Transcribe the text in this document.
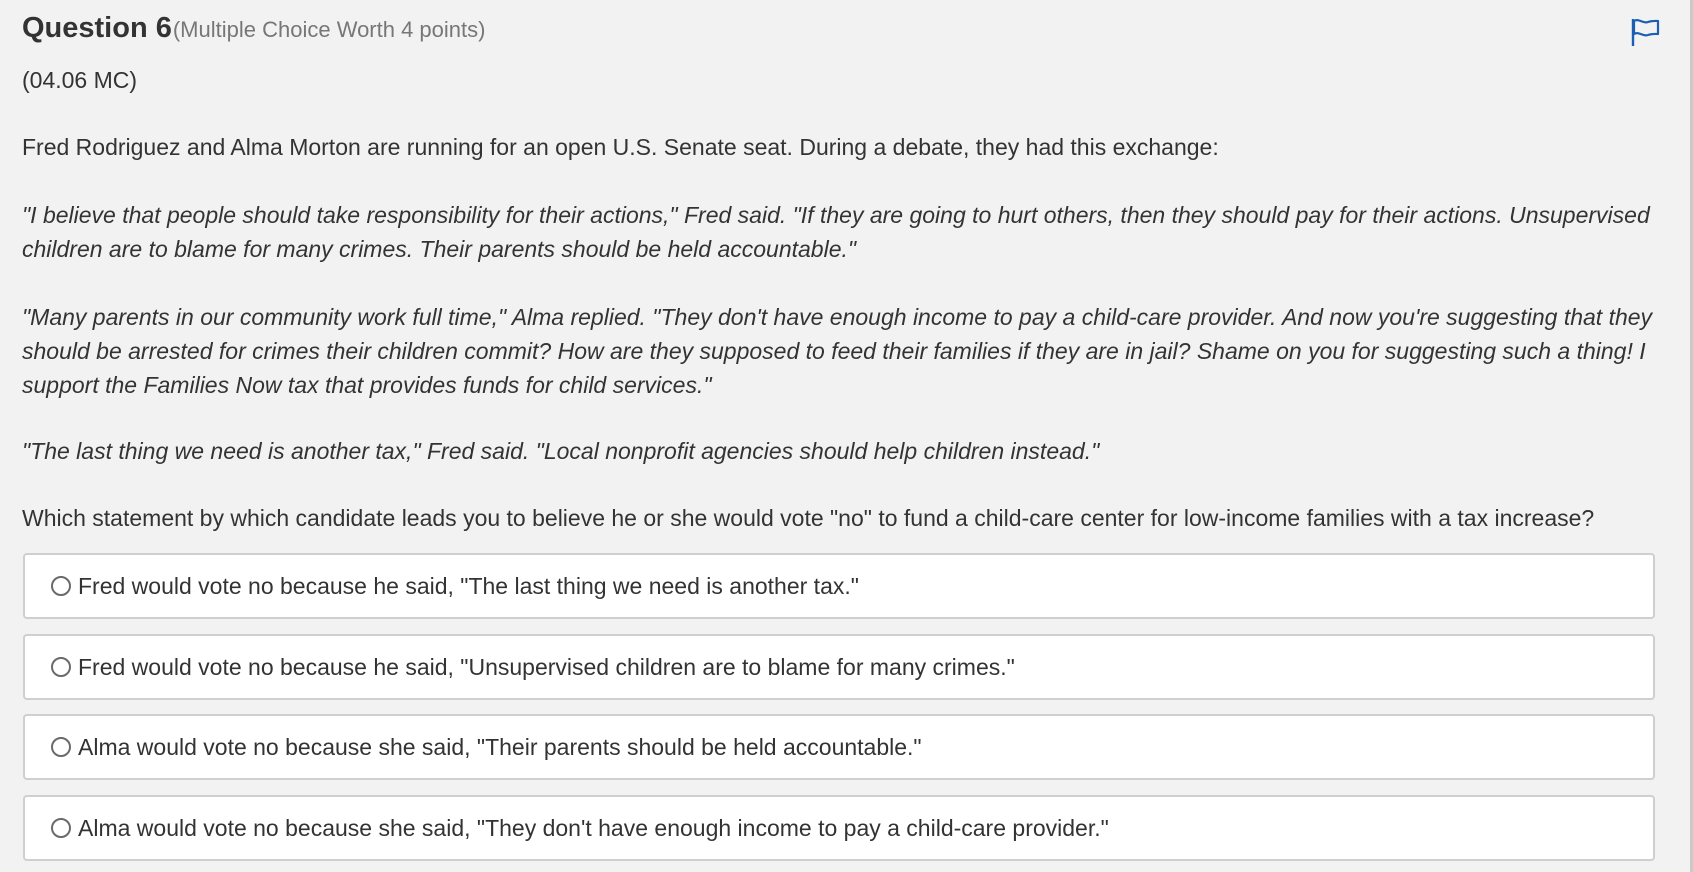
Question 6 (Multiple Choice Worth 4 points)
(04.06 MC)
Fred Rodriguez and Alma Morton are running for an open U.S. Senate seat. During a debate, they had this exchange:
"I believe that people should take responsibility for their actions," Fred said. "If they are going to hurt others, then they should pay for their actions. Unsupervised children are to blame for many crimes. Their parents should be held accountable."
"Many parents in our community work full time," Alma replied. "They don't have enough income to pay a child-care provider. And now you're suggesting that they should be arrested for crimes their children commit? How are they supposed to feed their families if they are in jail? Shame on you for suggesting such a thing! I support the Families Now tax that provides funds for child services."
"The last thing we need is another tax," Fred said. "Local nonprofit agencies should help children instead."
Which statement by which candidate leads you to believe he or she would vote "no" to fund a child-care center for low-income families with a tax increase?
Fred would vote no because he said, "The last thing we need is another tax."
Fred would vote no because he said, "Unsupervised children are to blame for many crimes."
Alma would vote no because she said, "Their parents should be held accountable."
Alma would vote no because she said, "They don't have enough income to pay a child-care provider."
